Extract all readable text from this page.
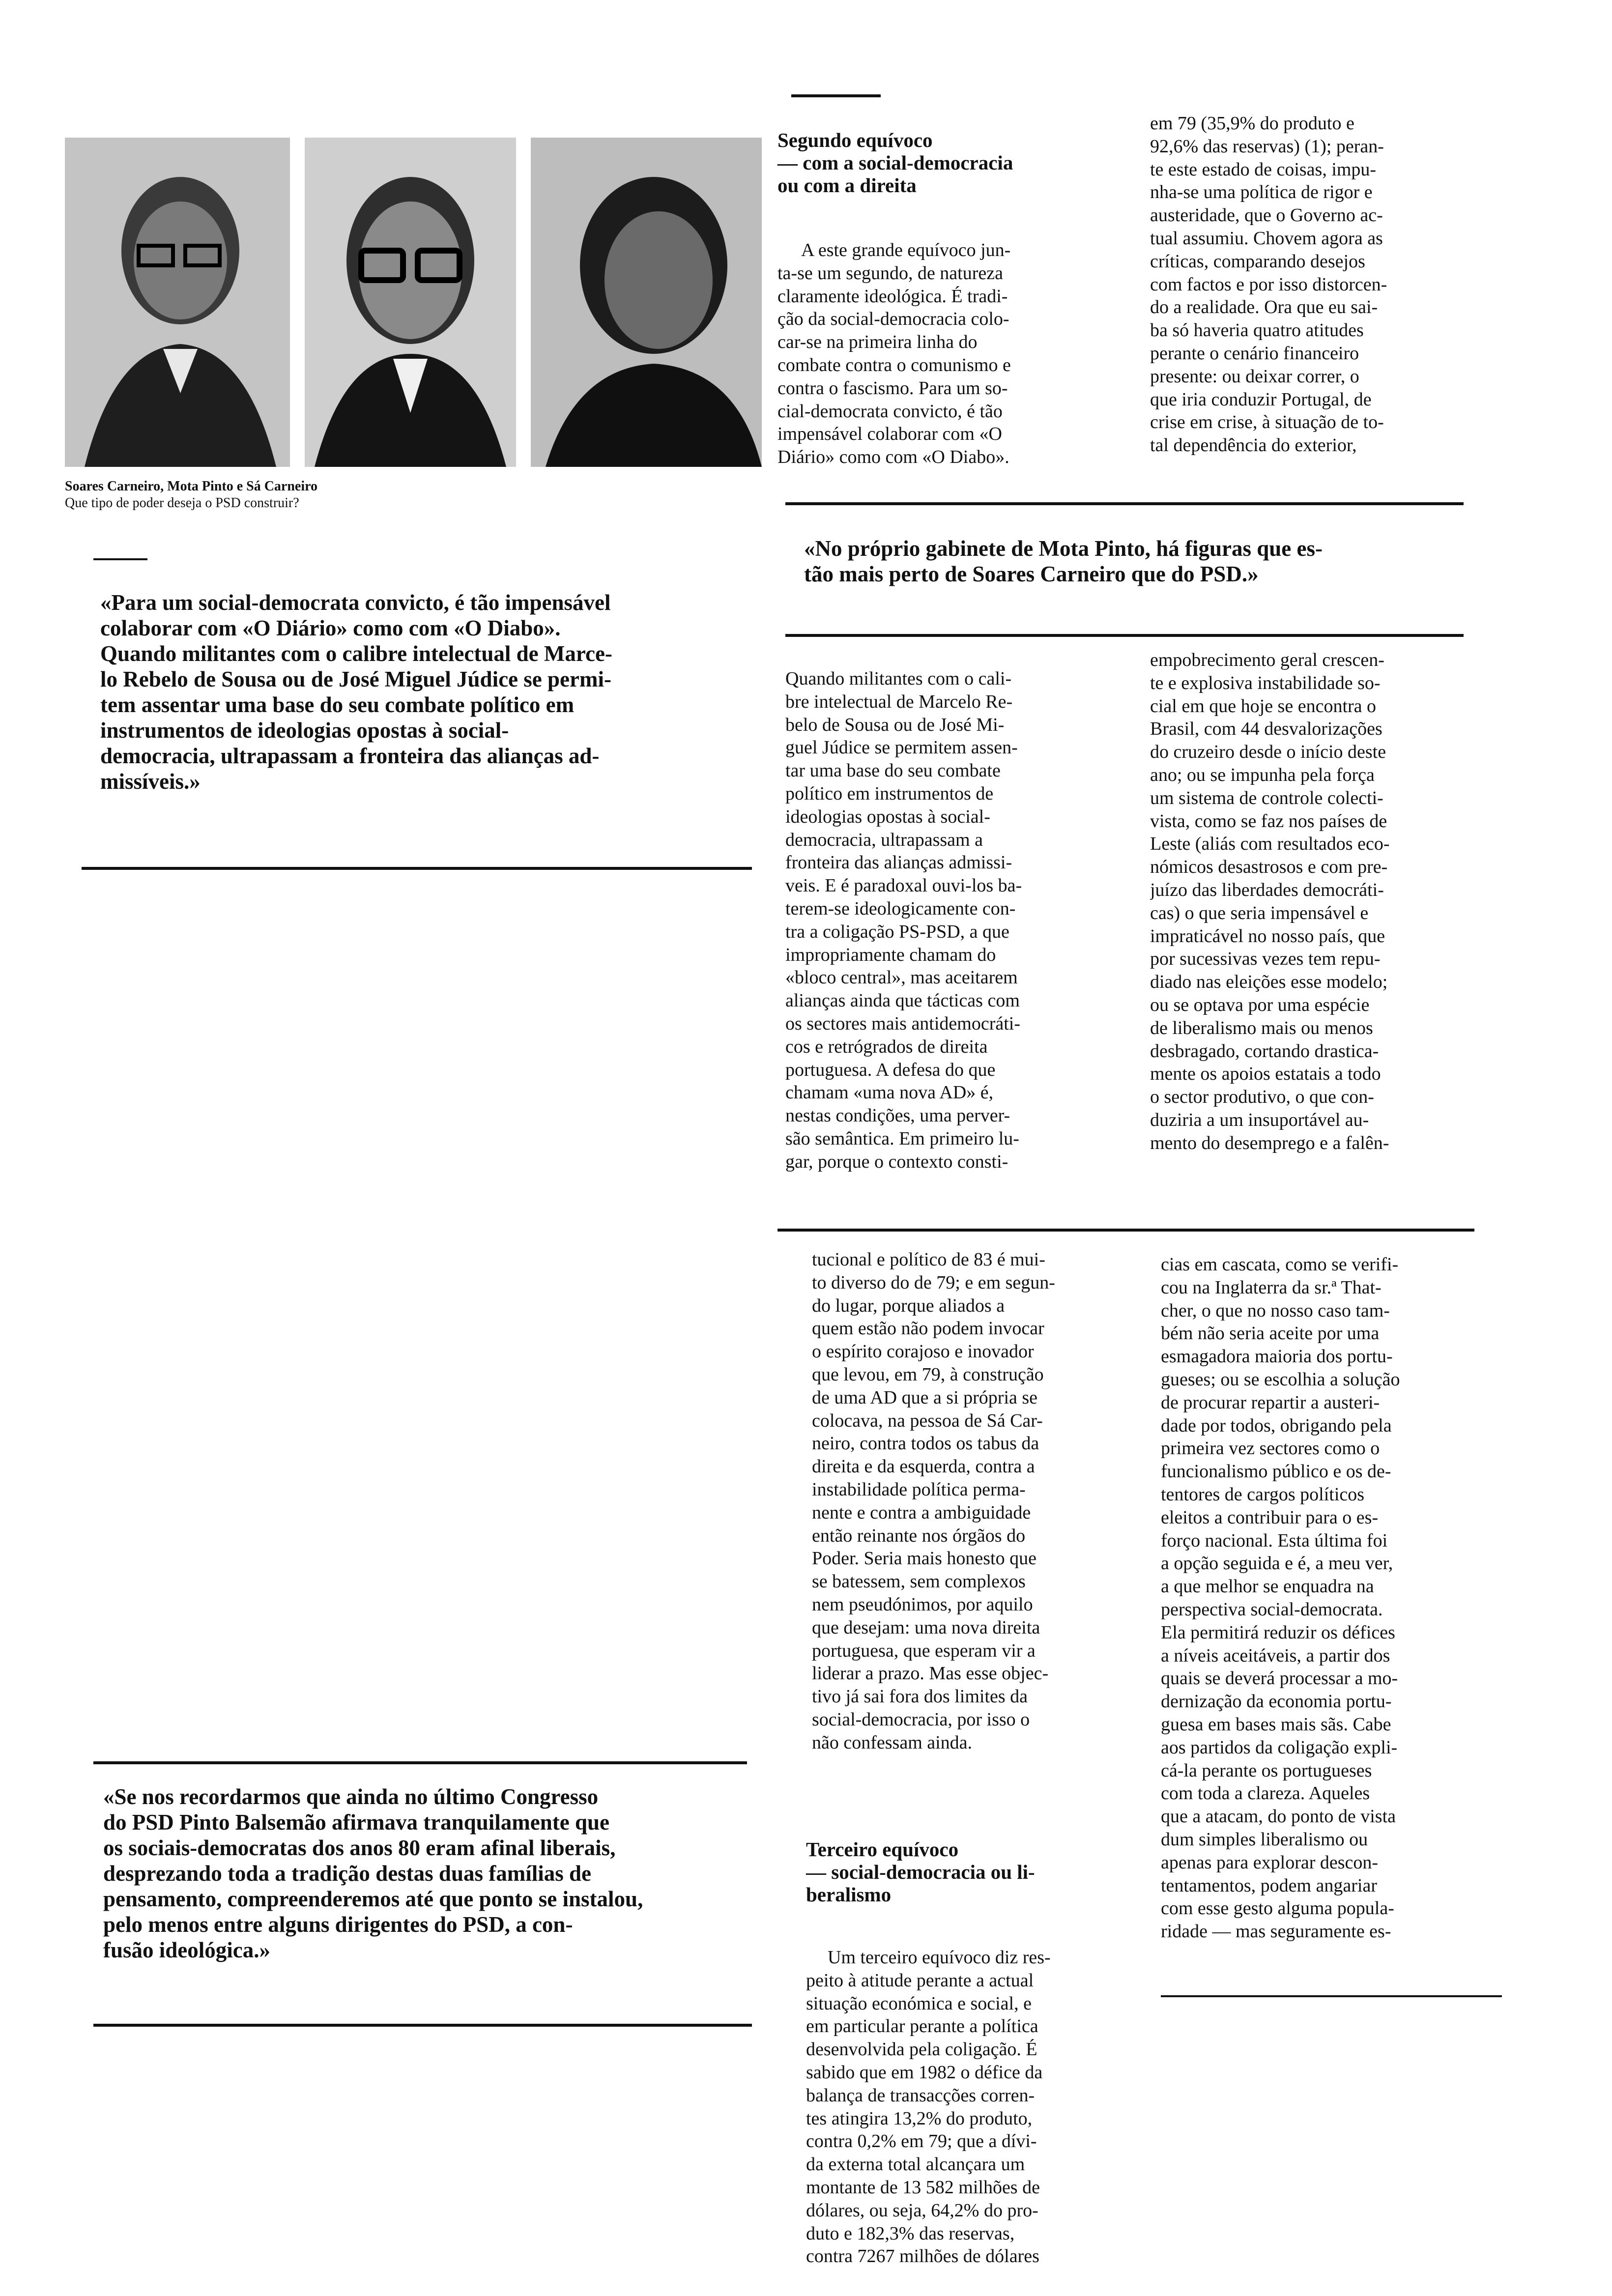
Soares Carneiro, Mota Pinto e Sá Carneiro
Que tipo de poder deseja o PSD construir?
Segundo equívoco
— com a social-democracia
ou com a direita
A este grande equívoco jun-
ta-se um segundo, de natureza
claramente ideológica. É tradi-
ção da social-democracia colo-
car-se na primeira linha do
combate contra o comunismo e
contra o fascismo. Para um so-
cial-democrata convicto, é tão
impensável colaborar com «O
Diário» como com «O Diabo».
em 79 (35,9% do produto e
92,6% das reservas) (1); peran-
te este estado de coisas, impu-
nha-se uma política de rigor e
austeridade, que o Governo ac-
tual assumiu. Chovem agora as
críticas, comparando desejos
com factos e por isso distorcen-
do a realidade. Ora que eu sai-
ba só haveria quatro atitudes
perante o cenário financeiro
presente: ou deixar correr, o
que iria conduzir Portugal, de
crise em crise, à situação de to-
tal dependência do exterior,
«No próprio gabinete de Mota Pinto, há figuras que es-
tão mais perto de Soares Carneiro que do PSD.»
«Para um social-democrata convicto, é tão impensável
colaborar com «O Diário» como com «O Diabo».
Quando militantes com o calibre intelectual de Marce-
lo Rebelo de Sousa ou de José Miguel Júdice se permi-
tem assentar uma base do seu combate político em
instrumentos de ideologias opostas à social-
democracia, ultrapassam a fronteira das alianças ad-
missíveis.»
Quando militantes com o cali-
bre intelectual de Marcelo Re-
belo de Sousa ou de José Mi-
guel Júdice se permitem assen-
tar uma base do seu combate
político em instrumentos de
ideologias opostas à social-
democracia, ultrapassam a
fronteira das alianças admissi-
veis. E é paradoxal ouvi-los ba-
terem-se ideologicamente con-
tra a coligação PS-PSD, a que
impropriamente chamam do
«bloco central», mas aceitarem
alianças ainda que tácticas com
os sectores mais antidemocráti-
cos e retrógrados de direita
portuguesa. A defesa do que
chamam «uma nova AD» é,
nestas condições, uma perver-
são semântica. Em primeiro lu-
gar, porque o contexto consti-
empobrecimento geral crescen-
te e explosiva instabilidade so-
cial em que hoje se encontra o
Brasil, com 44 desvalorizações
do cruzeiro desde o início deste
ano; ou se impunha pela força
um sistema de controle colecti-
vista, como se faz nos países de
Leste (aliás com resultados eco-
nómicos desastrosos e com pre-
juízo das liberdades democráti-
cas) o que seria impensável e
impraticável no nosso país, que
por sucessivas vezes tem repu-
diado nas eleições esse modelo;
ou se optava por uma espécie
de liberalismo mais ou menos
desbragado, cortando drastica-
mente os apoios estatais a todo
o sector produtivo, o que con-
duziria a um insuportável au-
mento do desemprego e a falên-
tucional e político de 83 é mui-
to diverso do de 79; e em segun-
do lugar, porque aliados a
quem estão não podem invocar
o espírito corajoso e inovador
que levou, em 79, à construção
de uma AD que a si própria se
colocava, na pessoa de Sá Car-
neiro, contra todos os tabus da
direita e da esquerda, contra a
instabilidade política perma-
nente e contra a ambiguidade
então reinante nos órgãos do
Poder. Seria mais honesto que
se batessem, sem complexos
nem pseudónimos, por aquilo
que desejam: uma nova direita
portuguesa, que esperam vir a
liderar a prazo. Mas esse objec-
tivo já sai fora dos limites da
social-democracia, por isso o
não confessam ainda.
cias em cascata, como se verifi-
cou na Inglaterra da sr.ª That-
cher, o que no nosso caso tam-
bém não seria aceite por uma
esmagadora maioria dos portu-
gueses; ou se escolhia a solução
de procurar repartir a austeri-
dade por todos, obrigando pela
primeira vez sectores como o
funcionalismo público e os de-
tentores de cargos políticos
eleitos a contribuir para o es-
forço nacional. Esta última foi
a opção seguida e é, a meu ver,
a que melhor se enquadra na
perspectiva social-democrata.
Ela permitirá reduzir os défices
a níveis aceitáveis, a partir dos
quais se deverá processar a mo-
dernização da economia portu-
guesa em bases mais sãs. Cabe
aos partidos da coligação expli-
cá-la perante os portugueses
com toda a clareza. Aqueles
que a atacam, do ponto de vista
dum simples liberalismo ou
apenas para explorar descon-
tentamentos, podem angariar
com esse gesto alguma popula-
ridade — mas seguramente es-
«Se nos recordarmos que ainda no último Congresso
do PSD Pinto Balsemão afirmava tranquilamente que
os sociais-democratas dos anos 80 eram afinal liberais,
desprezando toda a tradição destas duas famílias de
pensamento, compreenderemos até que ponto se instalou,
pelo menos entre alguns dirigentes do PSD, a con-
fusão ideológica.»
Terceiro equívoco
— social-democracia ou li-
beralismo
Um terceiro equívoco diz res-
peito à atitude perante a actual
situação económica e social, e
em particular perante a política
desenvolvida pela coligação. É
sabido que em 1982 o défice da
balança de transacções corren-
tes atingira 13,2% do produto,
contra 0,2% em 79; que a dívi-
da externa total alcançara um
montante de 13 582 milhões de
dólares, ou seja, 64,2% do pro-
duto e 182,3% das reservas,
contra 7267 milhões de dólares
